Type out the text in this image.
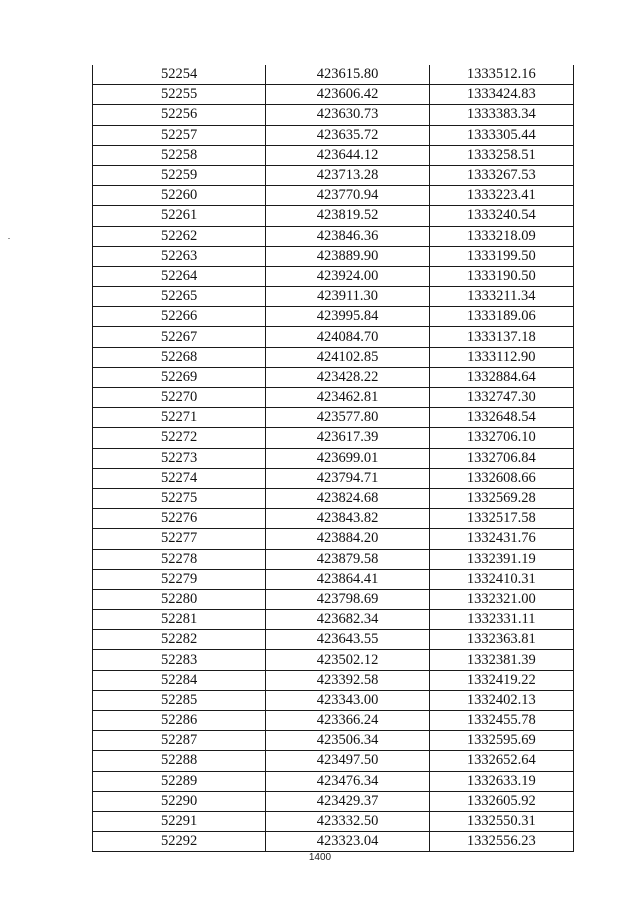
52254	423615.80	1333512.16
52255	423606.42	1333424.83
52256	423630.73	1333383.34
52257	423635.72	1333305.44
52258	423644.12	1333258.51
52259	423713.28	1333267.53
52260	423770.94	1333223.41
52261	423819.52	1333240.54
52262	423846.36	1333218.09
52263	423889.90	1333199.50
52264	423924.00	1333190.50
52265	423911.30	1333211.34
52266	423995.84	1333189.06
52267	424084.70	1333137.18
52268	424102.85	1333112.90
52269	423428.22	1332884.64
52270	423462.81	1332747.30
52271	423577.80	1332648.54
52272	423617.39	1332706.10
52273	423699.01	1332706.84
52274	423794.71	1332608.66
52275	423824.68	1332569.28
52276	423843.82	1332517.58
52277	423884.20	1332431.76
52278	423879.58	1332391.19
52279	423864.41	1332410.31
52280	423798.69	1332321.00
52281	423682.34	1332331.11
52282	423643.55	1332363.81
52283	423502.12	1332381.39
52284	423392.58	1332419.22
52285	423343.00	1332402.13
52286	423366.24	1332455.78
52287	423506.34	1332595.69
52288	423497.50	1332652.64
52289	423476.34	1332633.19
52290	423429.37	1332605.92
52291	423332.50	1332550.31
52292	423323.04	1332556.23
1400
